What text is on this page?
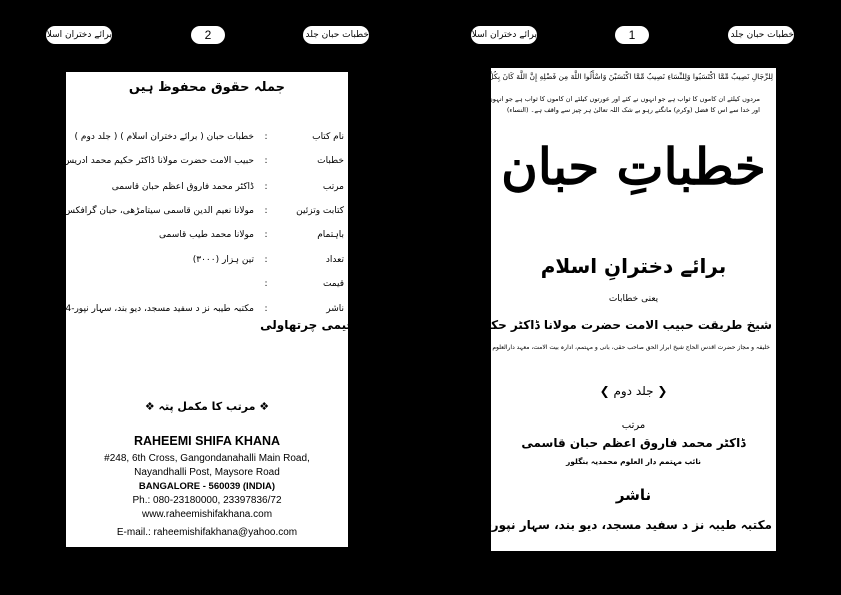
برائے دختران اسلام	2	خطبات حبان جلد 2	برائے دختران اسلام	1	خطبات حبان جلد 2
جملہ حقوق محفوظ ہیں
نام کتاب
:
خطبات حبان ( برائے دختران اسلام ) ( جلد دوم )
خطبات
:
حبیب الامت حضرت مولانا ڈاکٹر حکیم محمد ادریس حبان رحیمی
مرتب
:
ڈاکٹر محمد فاروق اعظم حبان قاسمی
کتابت وتزئین
:
مولانا نعیم الدین قاسمی سیتامڑھی، حبان گرافکس بنگلور
باہتمام
:
مولانا محمد طیب قاسمی
تعداد
:
تین ہزار (۳۰۰۰)
قیمت
:
ناشر
:
مکتبہ طیبہ نز د سفید مسجد، دیو بند، سہار نپور-247554 (یو پی)
❖ مرتب کا مکمل پتہ ❖
RAHEEMI SHIFA KHANA
#248, 6th Cross, Gangondanahalli Main Road,
Nayandhalli Post, Maysore Road
BANGALORE - 560039 (INDIA)
Ph.: 080-23180000, 23397836/72
www.raheemishifakhana.com
E-mail.: raheemishifakhana@yahoo.com
لِلرِّجَالِ نَصِيبٌ مِّمَّا اكْتَسَبُوا وَلِلنِّسَاءِ نَصِيبٌ مِّمَّا اكْتَسَبْنَ وَاسْأَلُوا اللَّهَ مِن فَضْلِهِ إِنَّ اللَّهَ كَانَ بِكُلِّ شَيْءٍ عَلِيمًا
مردوں کیلئے ان کاموں کا ثواب ہے جو انہوں نے کئے اور عورتوں کیلئے ان کاموں کا ثواب ہے جو انہوں نے کئے،
اور خدا سے اس کا فضل (وکرم) مانگتے رہو بے شک اللہ تعالیٰ ہر چیز سے واقف ہے۔ (النساء)
خطباتِ حبان
برائے دخترانِ اسلام
یعنی خطابات
شیخ طریقت حبیب الامت حضرت مولانا ڈاکٹر حکیم محمد ادریس حبان رحیمی چرتھاولی
خلیفہ و مجاز حضرت اقدس الحاج شیخ ابرار الحق صاحب حقی، بانی و مہتمم، ادارہ بیت الامت، معہد دارالعلوم محمدیہ بنگلور
❮ جلد دوم ❯
مرتب
ڈاکٹر محمد فاروق اعظم حبان قاسمی
نائب مہتمم دار العلوم محمدیہ بنگلور
ناشر
مکتبہ طیبہ نز د سفید مسجد، دیو بند، سہار نپور-247554 (یو پی)
